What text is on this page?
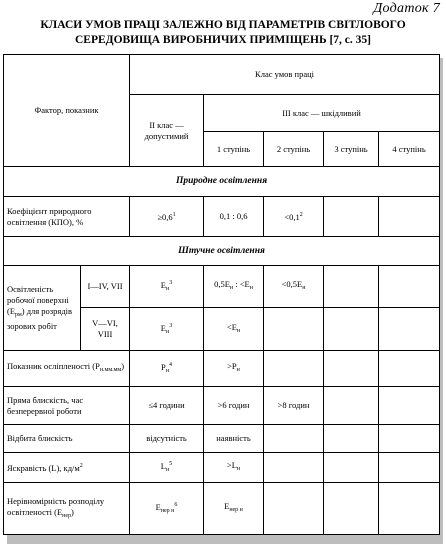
Додаток 7
КЛАСИ УМОВ ПРАЦІ ЗАЛЕЖНО ВІД ПАРАМЕТРІВ СВІТЛОВОГО
СЕРЕДОВИЩА ВИРОБНИЧИХ ПРИМІЩЕНЬ [7, с. 35]
Фактор, показник		Клас умов праці				
		ІІ клас — допустимий	ІІІ клас — шкідливий			
			1 ступінь	2 ступінь	3 ступінь	4 ступінь
Природне освітлення						
Коефіцієнт природного освітлення (КПО), %		$\ge 0,6^1$	0,1 : 0,6	$<0,1^2$		
Штучне освітлення						
Освітленість робочої поверхні $(Е_{рм})$ для розрядів зорових робіт	І—IV, VII	$Е_н^3$	$0,5Е_н$ : $<Е_н$	$<0,5Е_н$		
	V—VI, VIII	$Е_н^3$	$<Е_н$			
Показник осліпленості $(Р_{н.мм.мм})$		$Р_н^4$	$>Р_н$			
Пряма блискість, час безперервної роботи		≤4 години	>6 годин	>8 годин		
Відбита блискість		відсутність	наявність			
Яскравість (L), $кд/м^2$		$L_н^5$	$>L_н$			
Нерівномірність розподілу освітленості $(Е_{нер})$		$Е_{нер н}^6$	$Е_{нер н}$			
